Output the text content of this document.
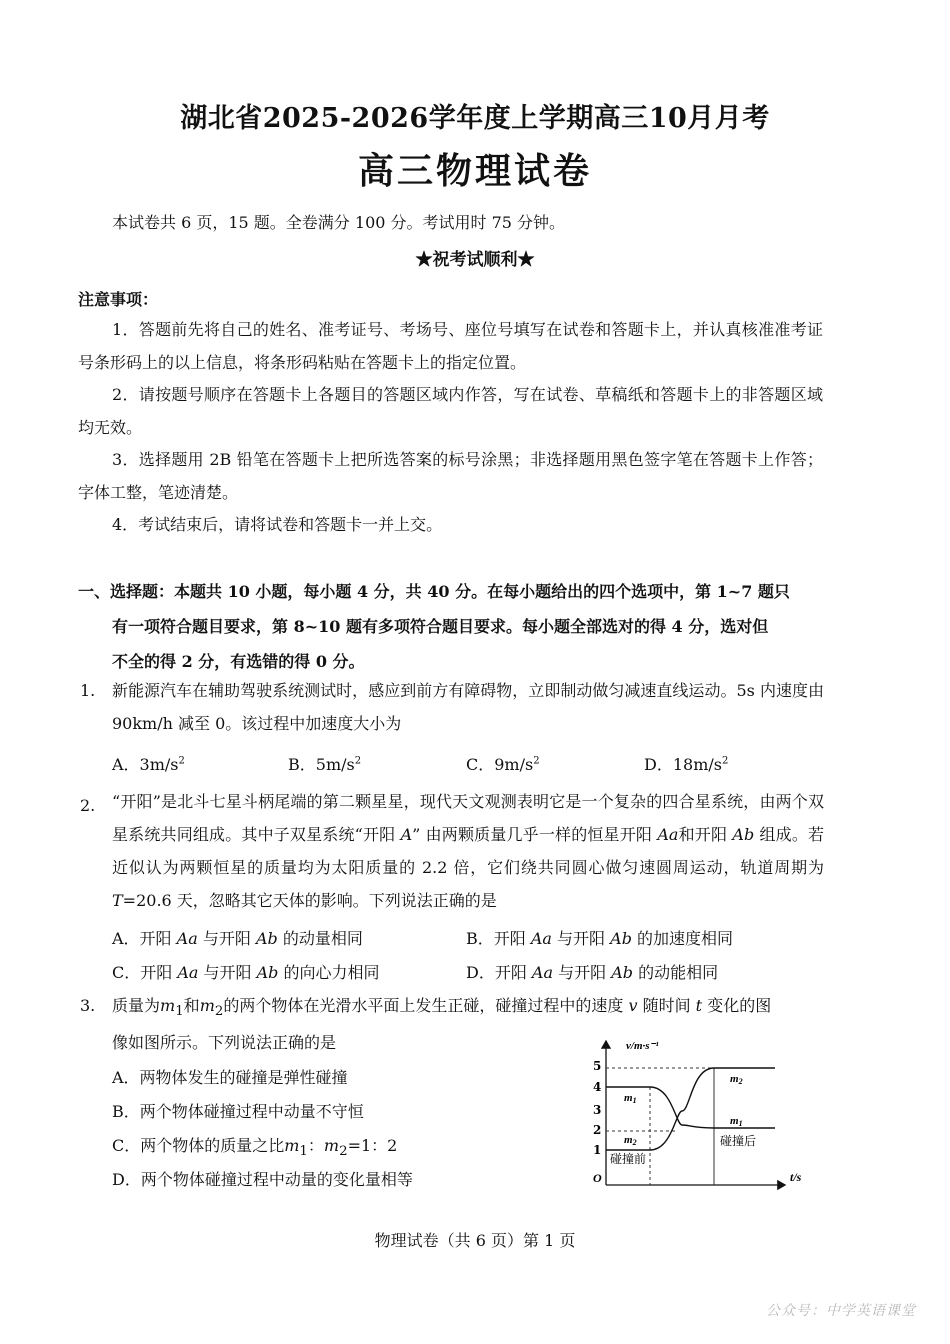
湖北省2025-2026学年度上学期高三10月月考
高三物理试卷
本试卷共 6 页，15 题。全卷满分 100 分。考试用时 75 分钟。
★祝考试顺利★
注意事项：
1．答题前先将自己的姓名、准考证号、考场号、座位号填写在试卷和答题卡上，并认真核准准考证号条形码上的以上信息，将条形码粘贴在答题卡上的指定位置。
2．请按题号顺序在答题卡上各题目的答题区域内作答，写在试卷、草稿纸和答题卡上的非答题区域均无效。
3．选择题用 2B 铅笔在答题卡上把所选答案的标号涂黑；非选择题用黑色签字笔在答题卡上作答；字体工整，笔迹清楚。
4．考试结束后，请将试卷和答题卡一并上交。
一、选择题：本题共 10 小题，每小题 4 分，共 40 分。在每小题给出的四个选项中，第 1~7 题只
有一项符合题目要求，第 8~10 题有多项符合题目要求。每小题全部选对的得 4 分，选对但
不全的得 2 分，有选错的得 0 分。
1. 新能源汽车在辅助驾驶系统测试时，感应到前方有障碍物，立即制动做匀减速直线运动。5s 内速度由 90km/h 减至 0。该过程中加速度大小为
A．$3m/s^2$	B．$5m/s^2$	C．$9m/s^2$	D．$18m/s^2$
2. “开阳”是北斗七星斗柄尾端的第二颗星星，现代天文观测表明它是一个复杂的四合星系统，由两个双星系统共同组成。其中子双星系统“开阳 A” 由两颗质量几乎一样的恒星开阳 Aa和开阳 Ab 组成。若近似认为两颗恒星的质量均为太阳质量的 2.2 倍，它们绕共同圆心做匀速圆周运动，轨道周期为 T=20.6 天，忽略其它天体的影响。下列说法正确的是
A．开阳 Aa 与开阳 Ab 的动量相同	B．开阳 Aa 与开阳 Ab 的加速度相同
C．开阳 Aa 与开阳 Ab 的向心力相同	D．开阳 Aa 与开阳 Ab 的动能相同
3. 质量为$m_1$和$m_2$的两个物体在光滑水平面上发生正碰，碰撞过程中的速度 v 随时间 t 变化的图
像如图所示。下列说法正确的是
A．两物体发生的碰撞是弹性碰撞
B．两个物体碰撞过程中动量不守恒
C．两个物体的质量之比$m_1$：$m_2=1$：2
D．两个物体碰撞过程中动量的变化量相等
v/m·s⁻¹
t/s
O
5
4
3
2
1
m1
m2
m2
m1
碰撞前
碰撞后
物理试卷（共 6 页）第 1 页
公众号：中学英语课堂
